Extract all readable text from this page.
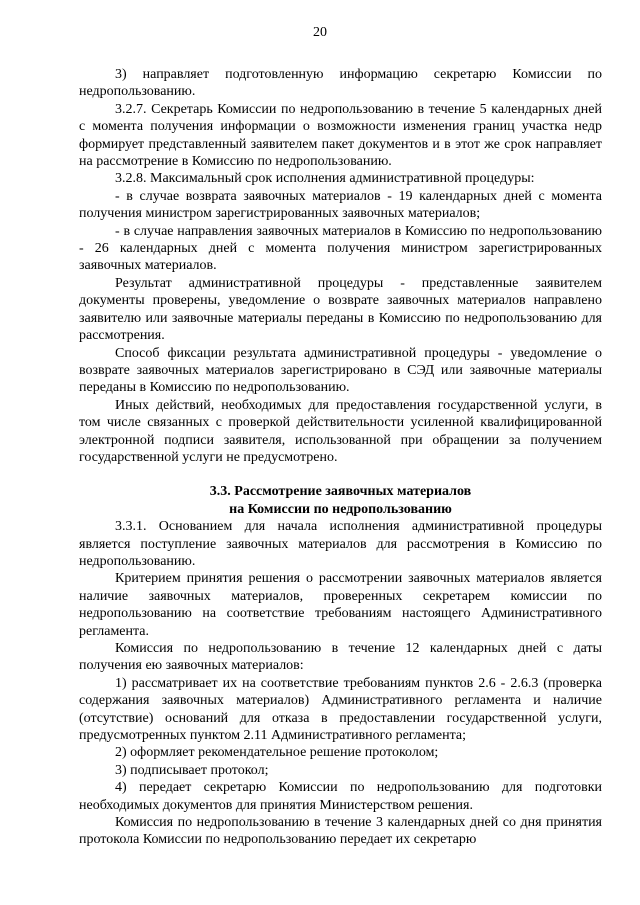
20

3) направляет подготовленную информацию секретарю Комиссии по недропользованию.

3.2.7. Секретарь Комиссии по недропользованию в течение 5 календарных дней с момента получения информации о возможности изменения границ участка недр формирует представленный заявителем пакет документов и в этот же срок направляет на рассмотрение в Комиссию по недропользованию.

3.2.8. Максимальный срок исполнения административной процедуры:

- в случае возврата заявочных материалов - 19 календарных дней с момента получения министром зарегистрированных заявочных материалов;

- в случае направления заявочных материалов в Комиссию по недропользованию - 26 календарных дней с момента получения министром зарегистрированных заявочных материалов.

Результат административной процедуры - представленные заявителем документы проверены, уведомление о возврате заявочных материалов направлено заявителю или заявочные материалы переданы в Комиссию по недропользованию для рассмотрения.

Способ фиксации результата административной процедуры - уведомление о возврате заявочных материалов зарегистрировано в СЭД или заявочные материалы переданы в Комиссию по недропользованию.

Иных действий, необходимых для предоставления государственной услуги, в том числе связанных с проверкой действительности усиленной квалифицированной электронной подписи заявителя, использованной при обращении за получением государственной услуги не предусмотрено.

3.3. Рассмотрение заявочных материалов
на Комиссии по недропользованию

3.3.1. Основанием для начала исполнения административной процедуры является поступление заявочных материалов для рассмотрения в Комиссию по недропользованию.

Критерием принятия решения о рассмотрении заявочных материалов является наличие заявочных материалов, проверенных секретарем комиссии по недропользованию на соответствие требованиям настоящего Административного регламента.

Комиссия по недропользованию в течение 12 календарных дней с даты получения ею заявочных материалов:

1) рассматривает их на соответствие требованиям пунктов 2.6 - 2.6.3 (проверка содержания заявочных материалов) Административного регламента и наличие (отсутствие) оснований для отказа в предоставлении государственной услуги, предусмотренных пунктом 2.11 Административного регламента;

2) оформляет рекомендательное решение протоколом;

3) подписывает протокол;

4) передает секретарю Комиссии по недропользованию для подготовки необходимых документов для принятия Министерством решения.

Комиссия по недропользованию в течение 3 календарных дней со дня принятия протокола Комиссии по недропользованию передает их секретарю
